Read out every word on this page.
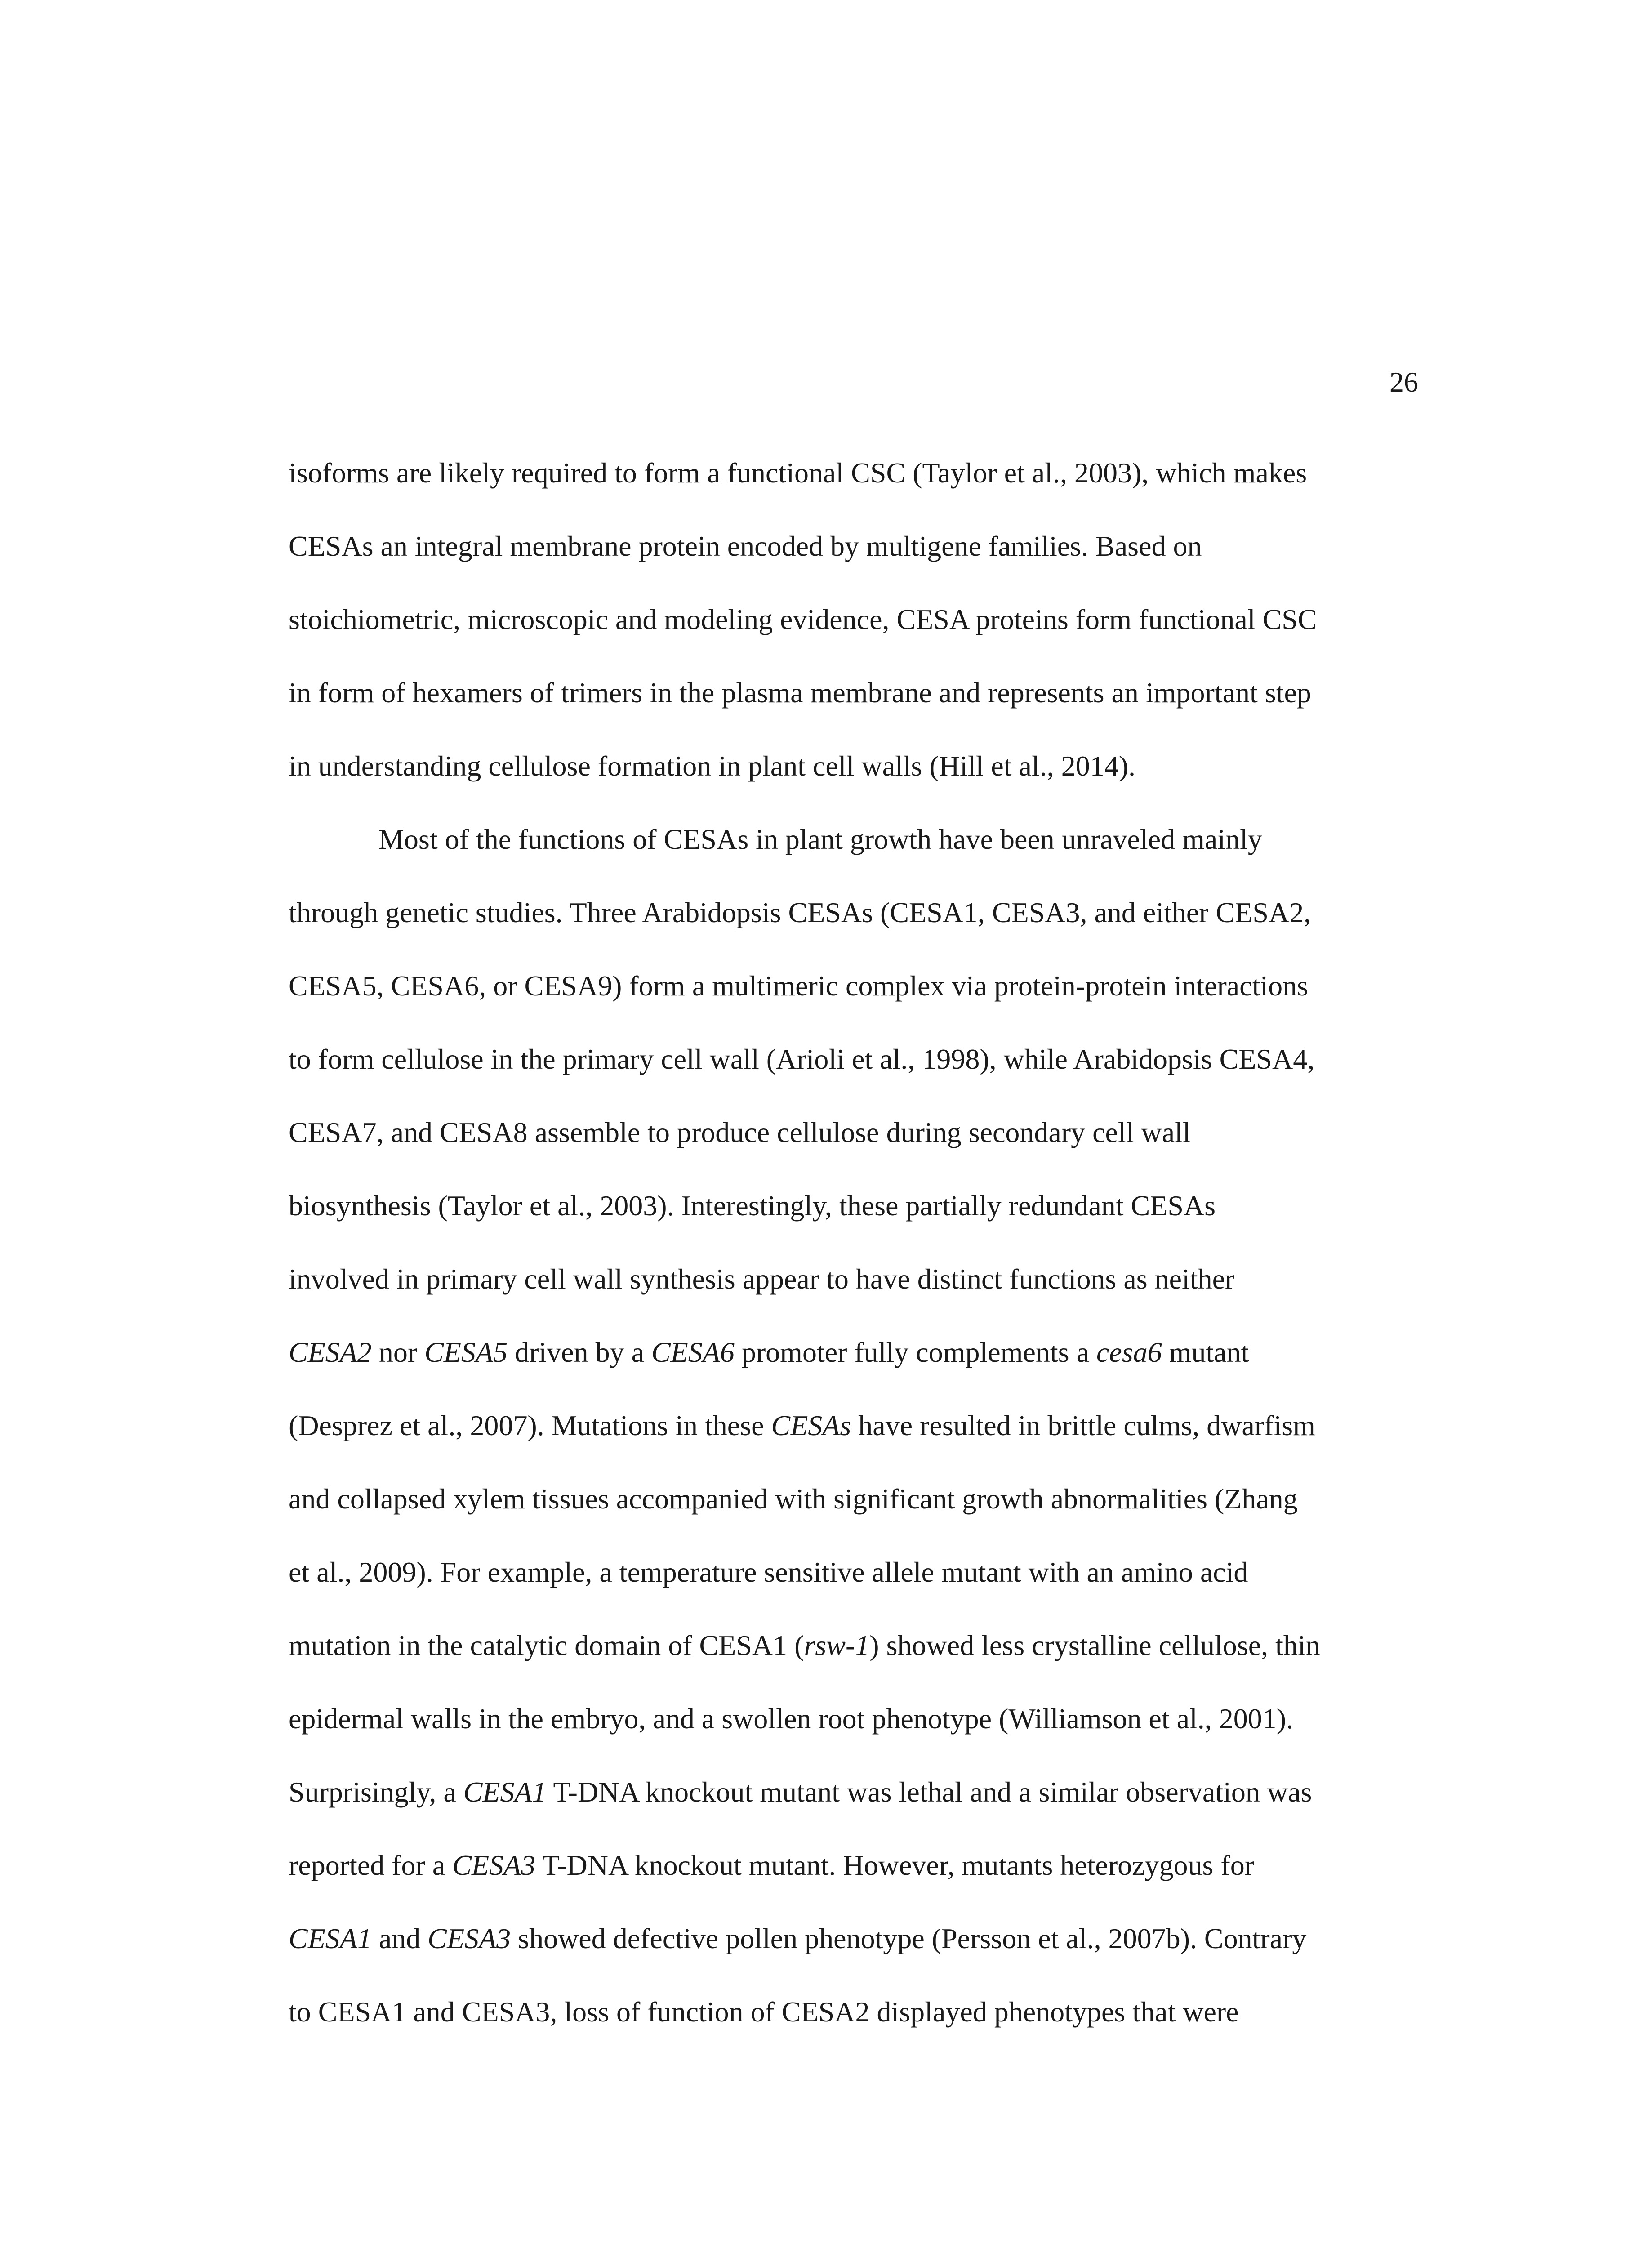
26

isoforms are likely required to form a functional CSC (Taylor et al., 2003), which makes
CESAs an integral membrane protein encoded by multigene families. Based on
stoichiometric, microscopic and modeling evidence, CESA proteins form functional CSC
in form of hexamers of trimers in the plasma membrane and represents an important step
in understanding cellulose formation in plant cell walls (Hill et al., 2014).

Most of the functions of CESAs in plant growth have been unraveled mainly
through genetic studies. Three Arabidopsis CESAs (CESA1, CESA3, and either CESA2,
CESA5, CESA6, or CESA9) form a multimeric complex via protein-protein interactions
to form cellulose in the primary cell wall (Arioli et al., 1998), while Arabidopsis CESA4,
CESA7, and CESA8 assemble to produce cellulose during secondary cell wall
biosynthesis (Taylor et al., 2003). Interestingly, these partially redundant CESAs
involved in primary cell wall synthesis appear to have distinct functions as neither
CESA2 nor CESA5 driven by a CESA6 promoter fully complements a cesa6 mutant
(Desprez et al., 2007). Mutations in these CESAs have resulted in brittle culms, dwarfism
and collapsed xylem tissues accompanied with significant growth abnormalities (Zhang
et al., 2009). For example, a temperature sensitive allele mutant with an amino acid
mutation in the catalytic domain of CESA1 (rsw-1) showed less crystalline cellulose, thin
epidermal walls in the embryo, and a swollen root phenotype (Williamson et al., 2001).
Surprisingly, a CESA1 T-DNA knockout mutant was lethal and a similar observation was
reported for a CESA3 T-DNA knockout mutant. However, mutants heterozygous for
CESA1 and CESA3 showed defective pollen phenotype (Persson et al., 2007b). Contrary
to CESA1 and CESA3, loss of function of CESA2 displayed phenotypes that were
